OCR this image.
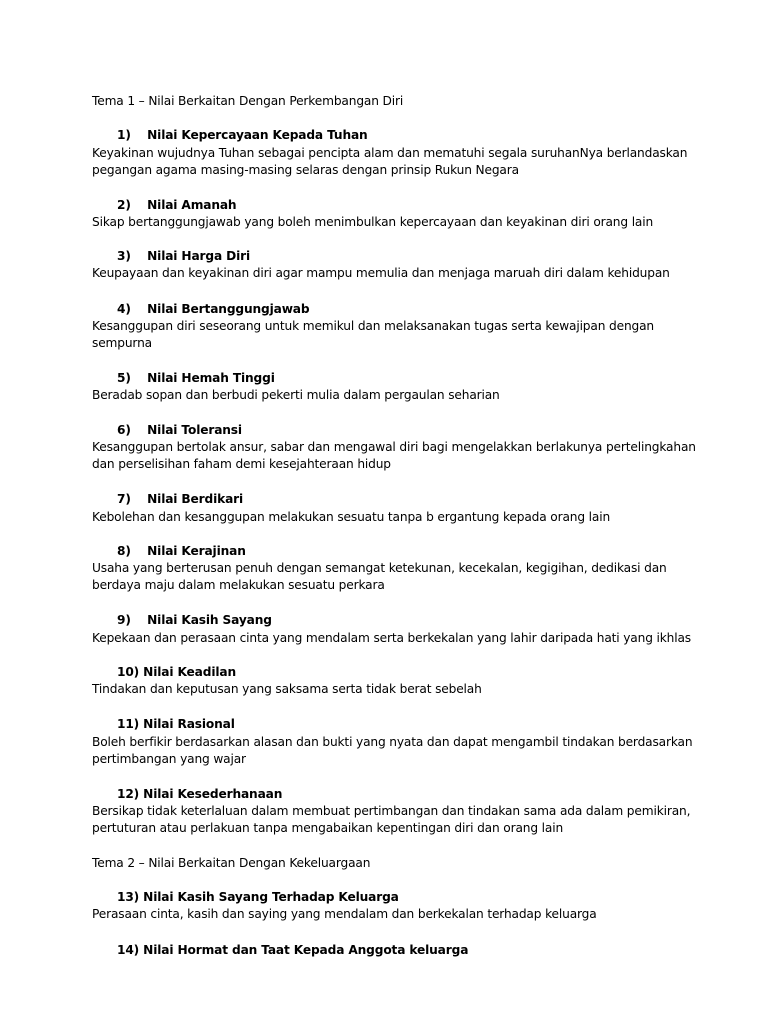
Tema 1 – Nilai Berkaitan Dengan Perkembangan Diri
1)    Nilai Kepercayaan Kepada Tuhan
Keyakinan wujudnya Tuhan sebagai pencipta alam dan mematuhi segala suruhanNya berlandaskan
pegangan agama masing-masing selaras dengan prinsip Rukun Negara
2)    Nilai Amanah
Sikap bertanggungjawab yang boleh menimbulkan kepercayaan dan keyakinan diri orang lain
3)    Nilai Harga Diri
Keupayaan dan keyakinan diri agar mampu memulia dan menjaga maruah diri dalam kehidupan
4)    Nilai Bertanggungjawab
Kesanggupan diri seseorang untuk memikul dan melaksanakan tugas serta kewajipan dengan
sempurna
5)    Nilai Hemah Tinggi
Beradab sopan dan berbudi pekerti mulia dalam pergaulan seharian
6)    Nilai Toleransi
Kesanggupan bertolak ansur, sabar dan mengawal diri bagi mengelakkan berlakunya pertelingkahan
dan perselisihan faham demi kesejahteraan hidup
7)    Nilai Berdikari
Kebolehan dan kesanggupan melakukan sesuatu tanpa b ergantung kepada orang lain
8)    Nilai Kerajinan
Usaha yang berterusan penuh dengan semangat ketekunan, kecekalan, kegigihan, dedikasi dan
berdaya maju dalam melakukan sesuatu perkara
9)    Nilai Kasih Sayang
Kepekaan dan perasaan cinta yang mendalam serta berkekalan yang lahir daripada hati yang ikhlas
10) Nilai Keadilan
Tindakan dan keputusan yang saksama serta tidak berat sebelah
11) Nilai Rasional
Boleh berfikir berdasarkan alasan dan bukti yang nyata dan dapat mengambil tindakan berdasarkan
pertimbangan yang wajar
12) Nilai Kesederhanaan
Bersikap tidak keterlaluan dalam membuat pertimbangan dan tindakan sama ada dalam pemikiran,
pertuturan atau perlakuan tanpa mengabaikan kepentingan diri dan orang lain
Tema 2 – Nilai Berkaitan Dengan Kekeluargaan
13) Nilai Kasih Sayang Terhadap Keluarga
Perasaan cinta, kasih dan saying yang mendalam dan berkekalan terhadap keluarga
14) Nilai Hormat dan Taat Kepada Anggota keluarga
